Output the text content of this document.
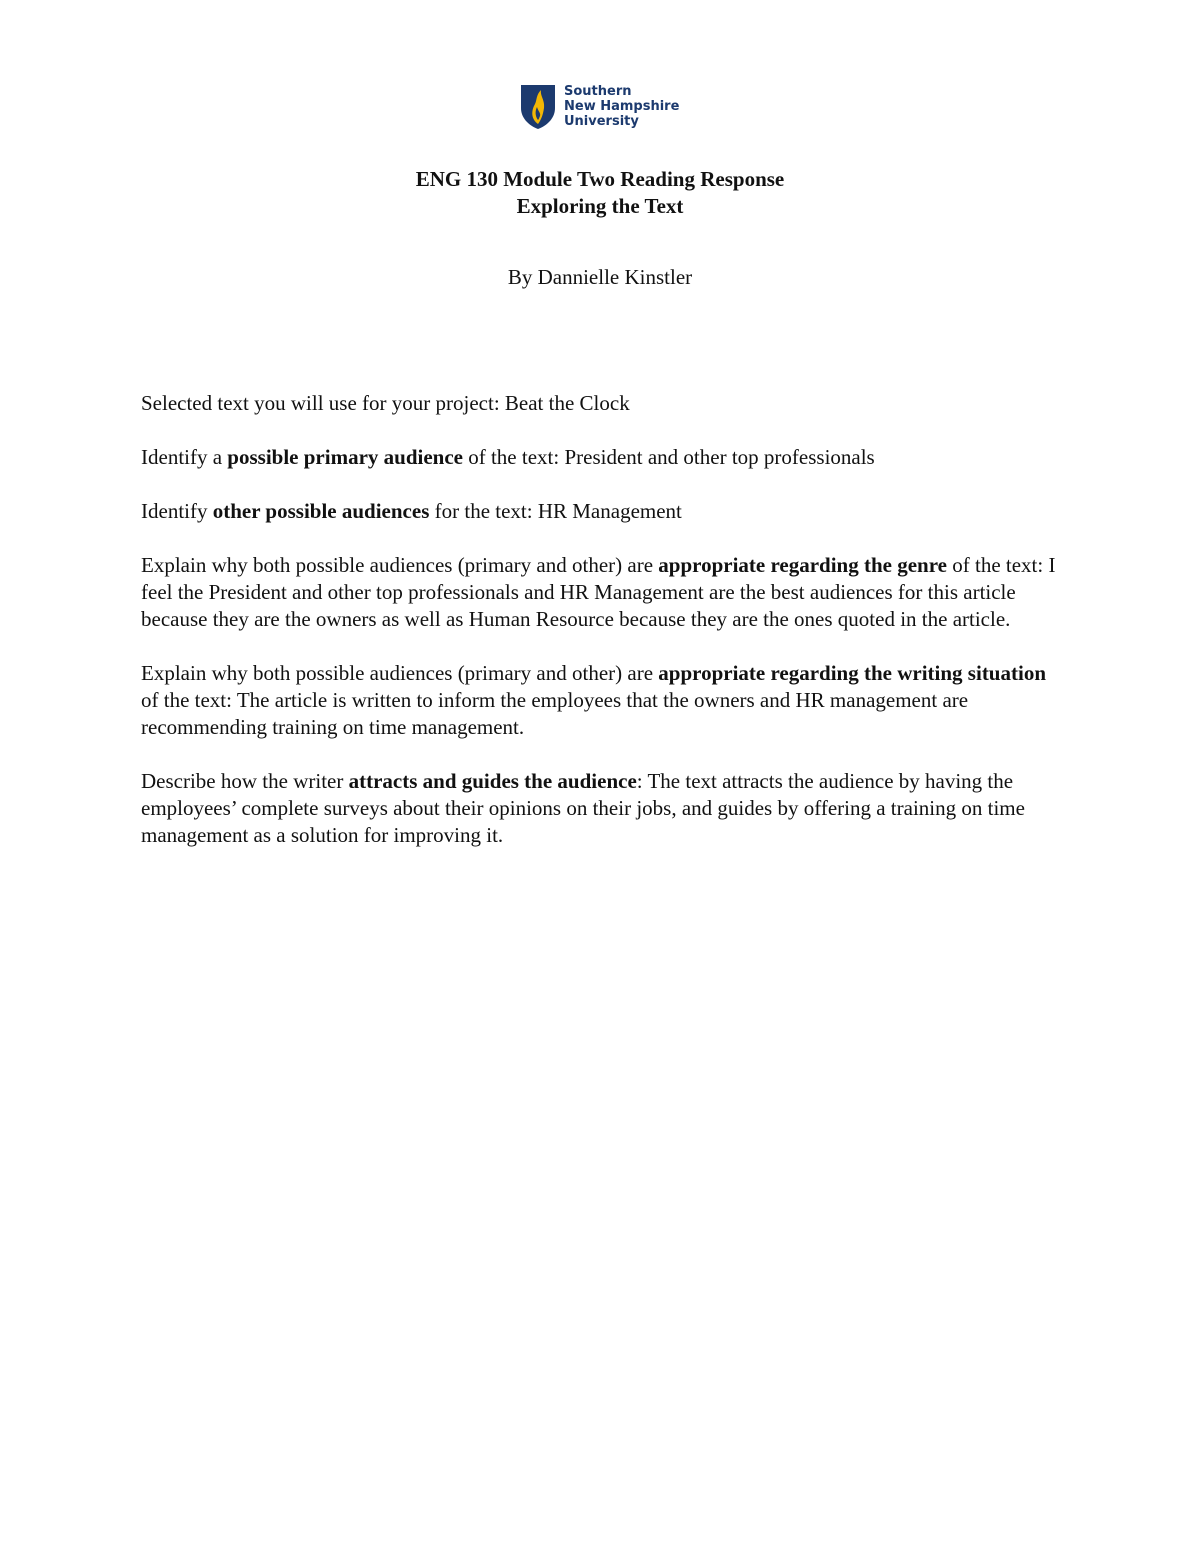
Southern
New Hampshire
University
ENG 130 Module Two Reading Response
Exploring the Text
By Dannielle Kinstler

Selected text you will use for your project: Beat the Clock

Identify a possible primary audience of the text: President and other top professionals

Identify other possible audiences for the text: HR Management

Explain why both possible audiences (primary and other) are appropriate regarding the genre of the text: I feel the President and other top professionals and HR Management are the best audiences for this article because they are the owners as well as Human Resource because they are the ones quoted in the article.

Explain why both possible audiences (primary and other) are appropriate regarding the writing situation of the text: The article is written to inform the employees that the owners and HR management are recommending training on time management.

Describe how the writer attracts and guides the audience: The text attracts the audience by having the employees’ complete surveys about their opinions on their jobs, and guides by offering a training on time management as a solution for improving it.
